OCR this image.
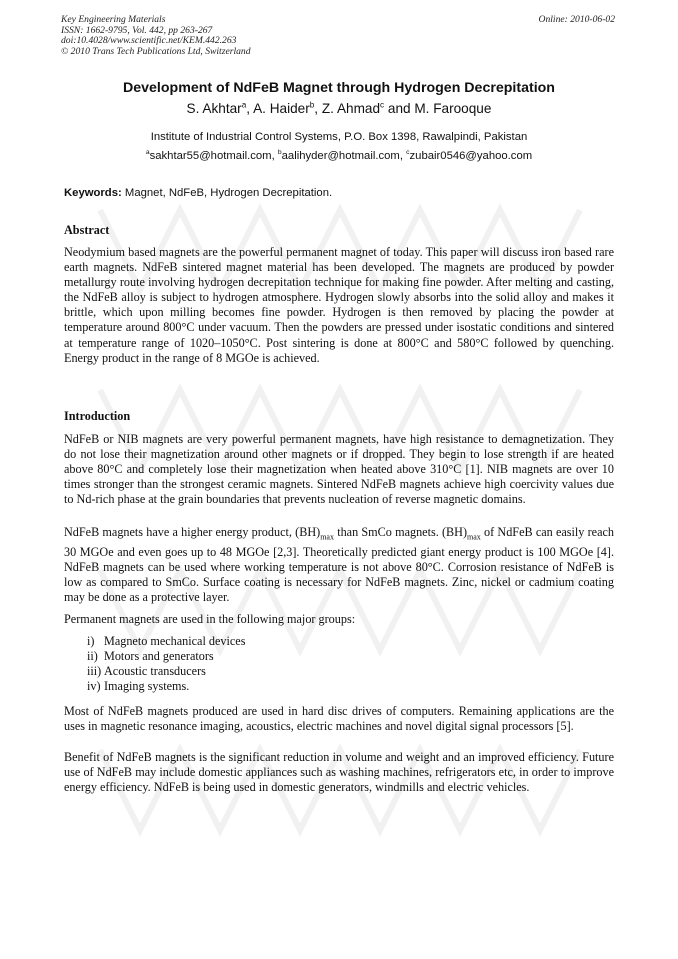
Key Engineering Materials
ISSN: 1662-9795, Vol. 442, pp 263-267
doi:10.4028/www.scientific.net/KEM.442.263
© 2010 Trans Tech Publications Ltd, Switzerland
Online: 2010-06-02
Development of NdFeB Magnet through Hydrogen Decrepitation
S. Akhtar$^a$, A. Haider$^b$, Z. Ahmad$^c$ and M. Farooque
Institute of Industrial Control Systems, P.O. Box 1398, Rawalpindi, Pakistan
$^a$sakhtar55@hotmail.com, $^b$aalihyder@hotmail.com, $^c$zubair0546@yahoo.com
Keywords: Magnet, NdFeB, Hydrogen Decrepitation.
Abstract
Neodymium based magnets are the powerful permanent magnet of today. This paper will discuss iron based rare earth magnets. NdFeB sintered magnet material has been developed. The magnets are produced by powder metallurgy route involving hydrogen decrepitation technique for making fine powder. After melting and casting, the NdFeB alloy is subject to hydrogen atmosphere. Hydrogen slowly absorbs into the solid alloy and makes it brittle, which upon milling becomes fine powder. Hydrogen is then removed by placing the powder at temperature around 800°C under vacuum. Then the powders are pressed under isostatic conditions and sintered at temperature range of 1020–1050°C. Post sintering is done at 800°C and 580°C followed by quenching. Energy product in the range of 8 MGOe is achieved.
Introduction
NdFeB or NIB magnets are very powerful permanent magnets, have high resistance to demagnetization. They do not lose their magnetization around other magnets or if dropped. They begin to lose strength if are heated above 80°C and completely lose their magnetization when heated above 310°C [1]. NIB magnets are over 10 times stronger than the strongest ceramic magnets. Sintered NdFeB magnets achieve high coercivity values due to Nd-rich phase at the grain boundaries that prevents nucleation of reverse magnetic domains.
NdFeB magnets have a higher energy product, $(BH)_{max}$ than SmCo magnets. $(BH)_{max}$ of NdFeB can easily reach 30 MGOe and even goes up to 48 MGOe [2,3]. Theoretically predicted giant energy product is 100 MGOe [4]. NdFeB magnets can be used where working temperature is not above 80°C. Corrosion resistance of NdFeB is low as compared to SmCo. Surface coating is necessary for NdFeB magnets. Zinc, nickel or cadmium coating may be done as a protective layer.
Permanent magnets are used in the following major groups:
i) Magneto mechanical devices
ii) Motors and generators
iii) Acoustic transducers
iv) Imaging systems.
Most of NdFeB magnets produced are used in hard disc drives of computers. Remaining applications are the uses in magnetic resonance imaging, acoustics, electric machines and novel digital signal processors [5].
Benefit of NdFeB magnets is the significant reduction in volume and weight and an improved efficiency. Future use of NdFeB may include domestic appliances such as washing machines, refrigerators etc, in order to improve energy efficiency. NdFeB is being used in domestic generators, windmills and electric vehicles.
